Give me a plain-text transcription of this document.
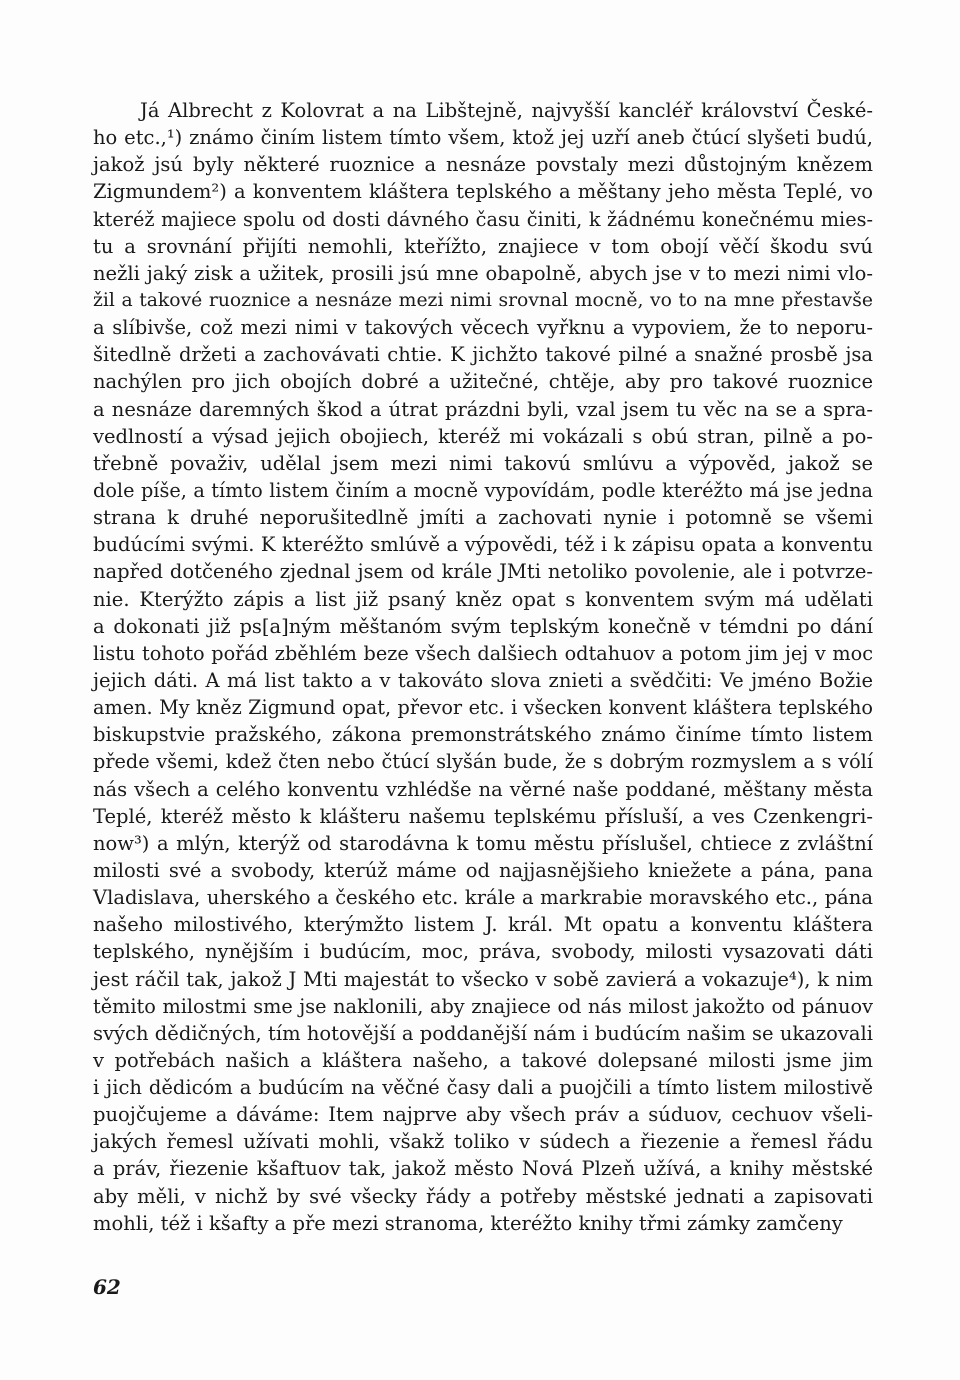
Já Albrecht z Kolovrat a na Libštejně, najvyšší kancléř království České-
ho etc.,¹) známo činím listem tímto všem, ktož jej uzří aneb čtúcí slyšeti budú,
jakož jsú byly některé ruoznice a nesnáze povstaly mezi důstojným knězem
Zigmundem²) a konventem kláštera teplského a měštany jeho města Teplé, vo
kteréž majiece spolu od dosti dávného času činiti, k žádnému konečnému mies-
tu a srovnání přijíti nemohli, kteřížto, znajiece v tom obojí věčí škodu svú
nežli jaký zisk a užitek, prosili jsú mne obapolně, abych jse v to mezi nimi vlo-
žil a takové ruoznice a nesnáze mezi nimi srovnal mocně, vo to na mne přestavše
a slíbivše, což mezi nimi v takových věcech vyřknu a vypoviem, že to neporu-
šitedlně držeti a zachovávati chtie. K jichžto takové pilné a snažné prosbě jsa
nachýlen pro jich obojích dobré a užitečné, chtěje, aby pro takové ruoznice
a nesnáze daremných škod a útrat prázdni byli, vzal jsem tu věc na se a spra-
vedlností a výsad jejich obojiech, kteréž mi vokázali s obú stran, pilně a po-
třebně považiv, udělal jsem mezi nimi takovú smlúvu a výpověd, jakož se
dole píše, a tímto listem činím a mocně vypovídám, podle kteréžto má jse jedna
strana k druhé neporušitedlně jmíti a zachovati nynie i potomně se všemi
budúcími svými. K kteréžto smlúvě a výpovědi, též i k zápisu opata a konventu
napřed dotčeného zjednal jsem od krále JMti netoliko povolenie, ale i potvrze-
nie. Kterýžto zápis a list již psaný kněz opat s konventem svým má udělati
a dokonati již ps[a]ným měštanóm svým teplským konečně v témdni po dání
listu tohoto pořád zběhlém beze všech dalšiech odtahuov a potom jim jej v moc
jejich dáti. A má list takto a v takováto slova znieti a svědčiti: Ve jméno Božie
amen. My kněz Zigmund opat, převor etc. i všecken konvent kláštera teplského
biskupstvie pražského, zákona premonstrátského známo činíme tímto listem
přede všemi, kdež čten nebo čtúcí slyšán bude, že s dobrým rozmyslem a s vólí
nás všech a celého konventu vzhlédše na věrné naše poddané, měštany města
Teplé, kteréž město k klášteru našemu teplskému přísluší, a ves Czenkengri-
now³) a mlýn, kterýž od starodávna k tomu městu příslušel, chtiece z zvláštní
milosti své a svobody, kterúž máme od najjasnějšieho kniežete a pána, pana
Vladislava, uherského a českého etc. krále a markrabie moravského etc., pána
našeho milostivého, kterýmžto listem J. král. Mt opatu a konventu kláštera
teplského, nynějším i budúcím, moc, práva, svobody, milosti vysazovati dáti
jest ráčil tak, jakož J Mti majestát to všecko v sobě zavierá a vokazuje⁴), k nim
těmito milostmi sme jse naklonili, aby znajiece od nás milost jakožto od pánuov
svých dědičných, tím hotovější a poddanější nám i budúcím našim se ukazovali
v potřebách našich a kláštera našeho, a takové dolepsané milosti jsme jim
i jich dědicóm a budúcím na věčné časy dali a puojčili a tímto listem milostivě
puojčujeme a dáváme: Item najprve aby všech práv a súduov, cechuov všeli-
jakých řemesl užívati mohli, všakž toliko v súdech a řiezenie a řemesl řádu
a práv, řiezenie kšaftuov tak, jakož město Nová Plzeň užívá, a knihy městské
aby měli, v nichž by své všecky řády a potřeby městské jednati a zapisovati
mohli, též i kšafty a pře mezi stranoma, kteréžto knihy třmi zámky zamčeny
62
